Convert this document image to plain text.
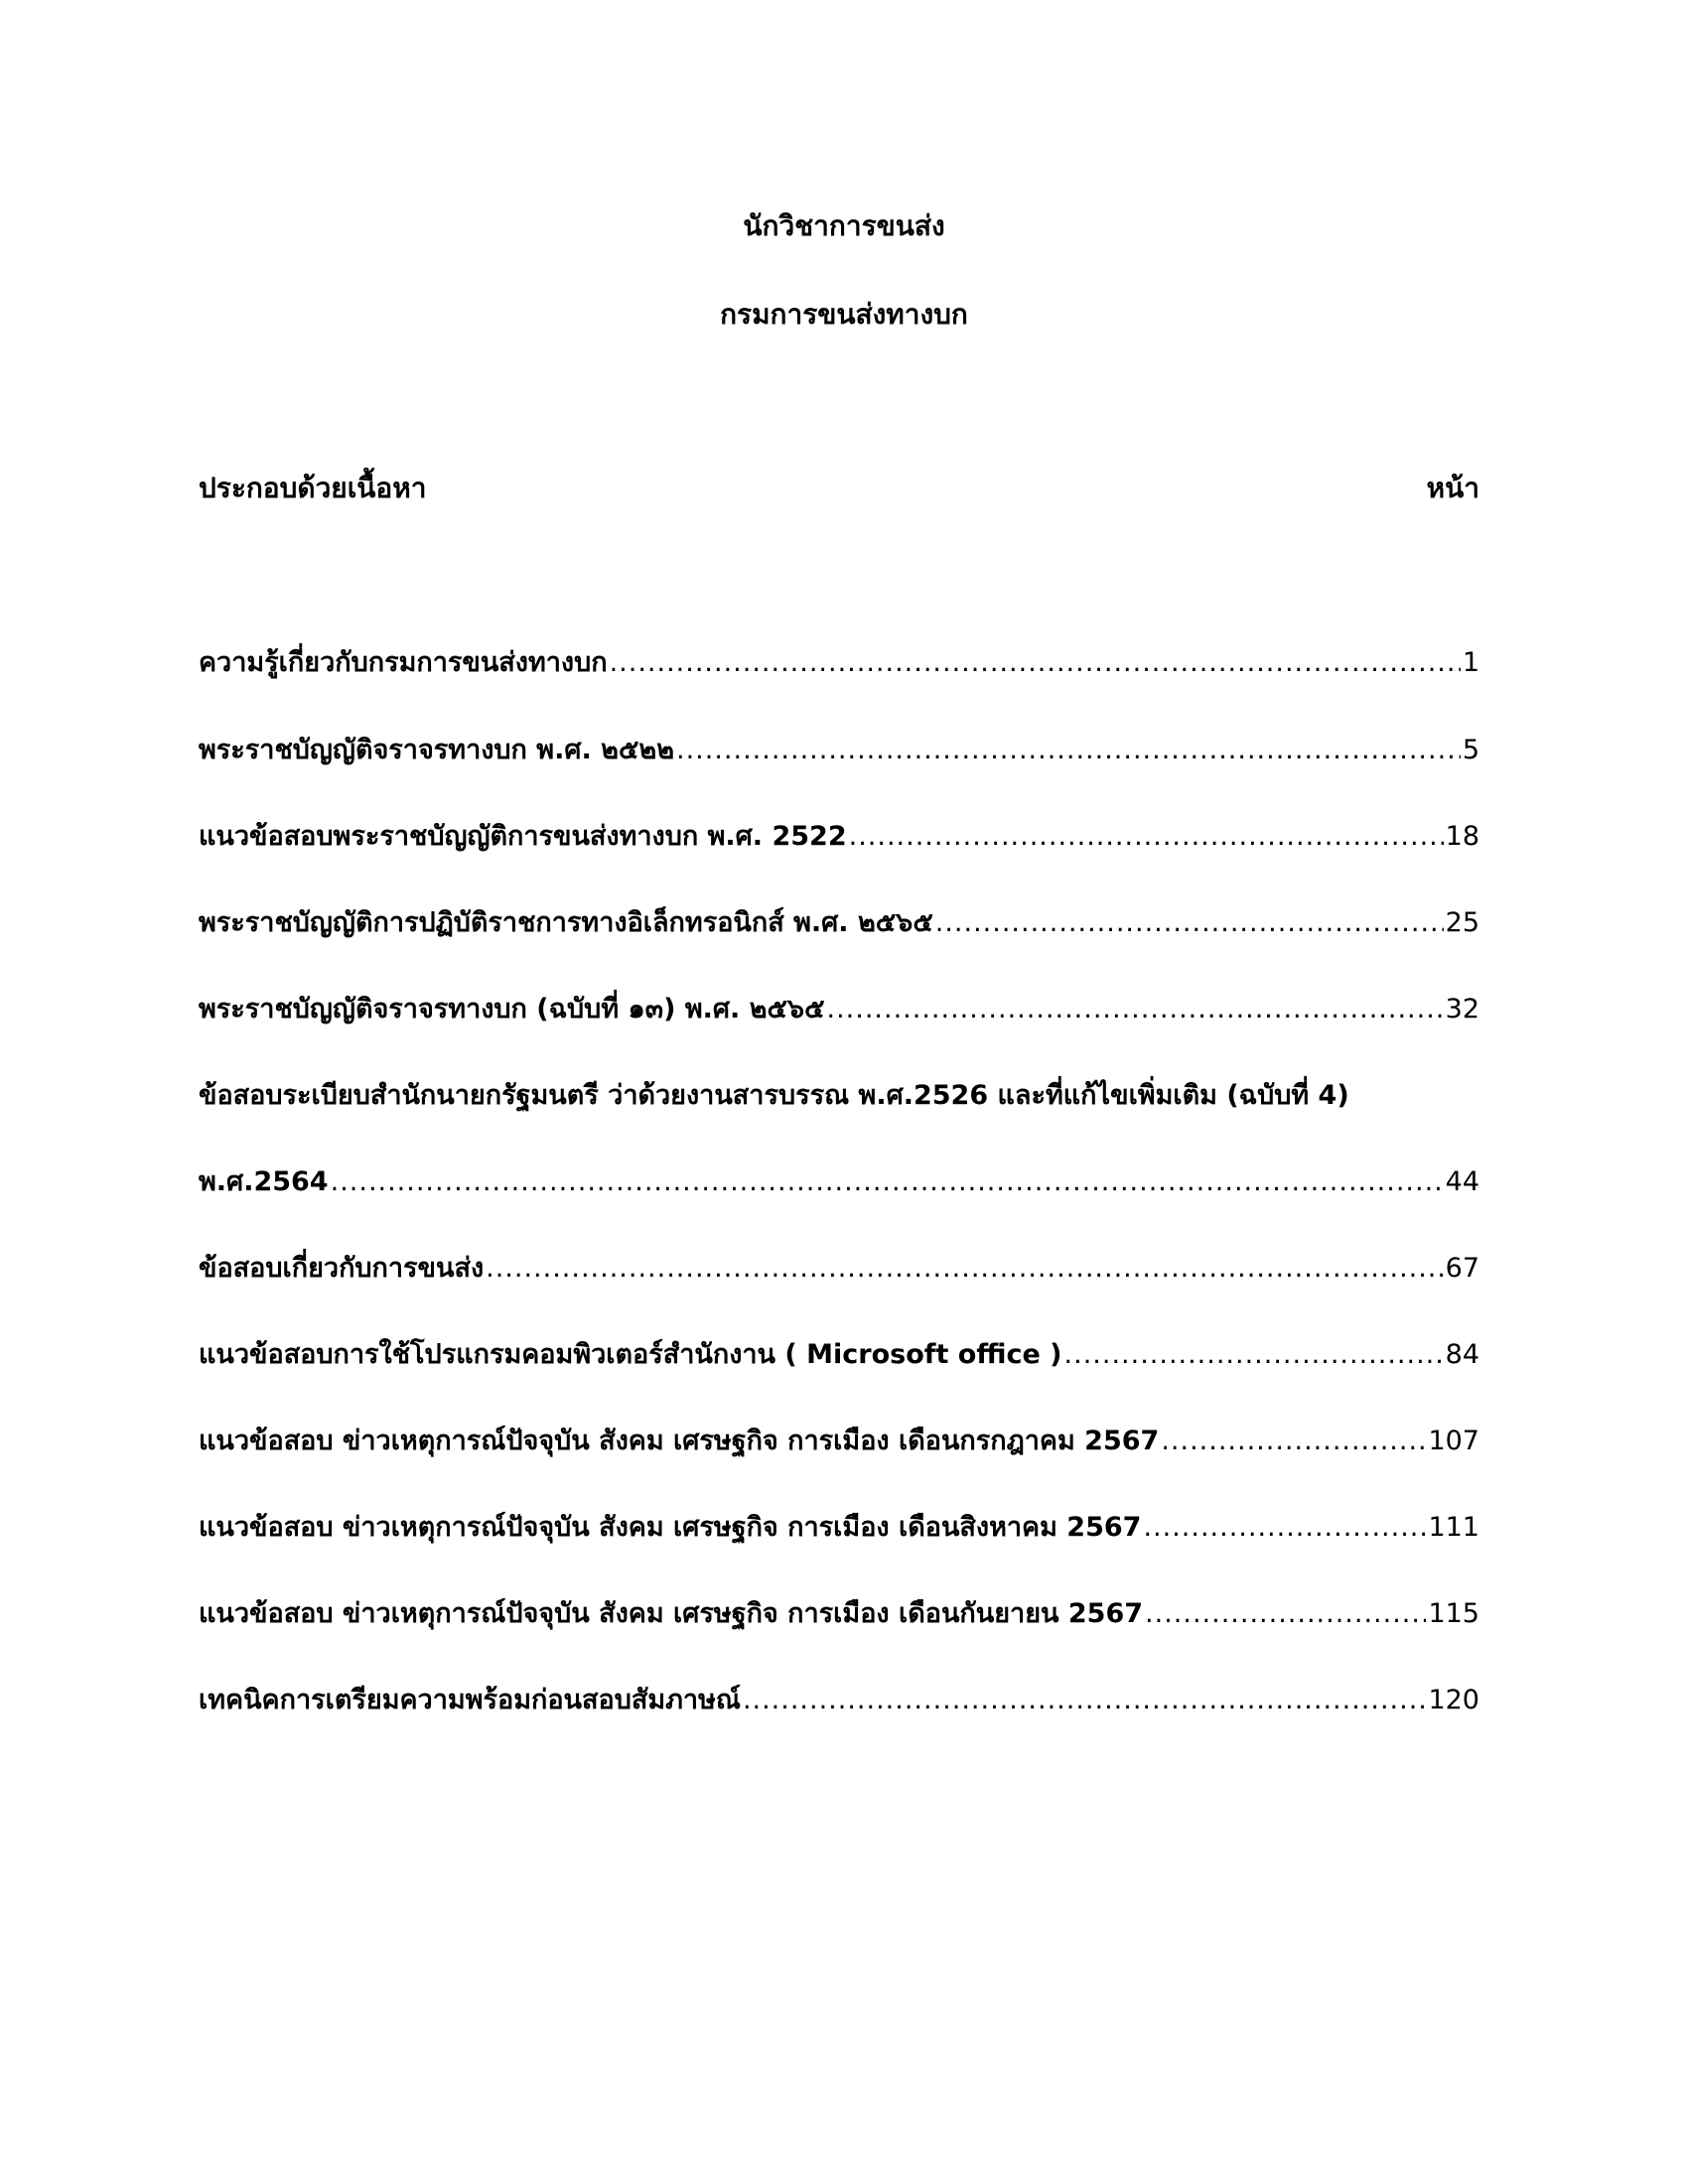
นักวิชาการขนส่ง
กรมการขนส่งทางบก
ประกอบด้วยเนื้อหา	หน้า
ความรู้เกี่ยวกับกรมการขนส่งทางบก .....	1
พระราชบัญญัติจราจรทางบก พ.ศ. ๒๕๒๒ .....	5
แนวข้อสอบพระราชบัญญัติการขนส่งทางบก พ.ศ. 2522 .....	18
พระราชบัญญัติการปฏิบัติราชการทางอิเล็กทรอนิกส์ พ.ศ. ๒๕๖๕ .....	25
พระราชบัญญัติจราจรทางบก (ฉบับที่ ๑๓) พ.ศ. ๒๕๖๕ .....	32
ข้อสอบระเบียบสำนักนายกรัฐมนตรี ว่าด้วยงานสารบรรณ พ.ศ.2526 และที่แก้ไขเพิ่มเติม (ฉบับที่ 4)
พ.ศ.2564 .....	44
ข้อสอบเกี่ยวกับการขนส่ง .....	67
แนวข้อสอบการใช้โปรแกรมคอมพิวเตอร์สำนักงาน ( Microsoft office ) .....	84
แนวข้อสอบ ข่าวเหตุการณ์ปัจจุบัน สังคม เศรษฐกิจ การเมือง เดือนกรกฎาคม 2567 .....	107
แนวข้อสอบ ข่าวเหตุการณ์ปัจจุบัน สังคม เศรษฐกิจ การเมือง เดือนสิงหาคม 2567 .....	111
แนวข้อสอบ ข่าวเหตุการณ์ปัจจุบัน สังคม เศรษฐกิจ การเมือง เดือนกันยายน 2567 .....	115
เทคนิคการเตรียมความพร้อมก่อนสอบสัมภาษณ์ .....	120
